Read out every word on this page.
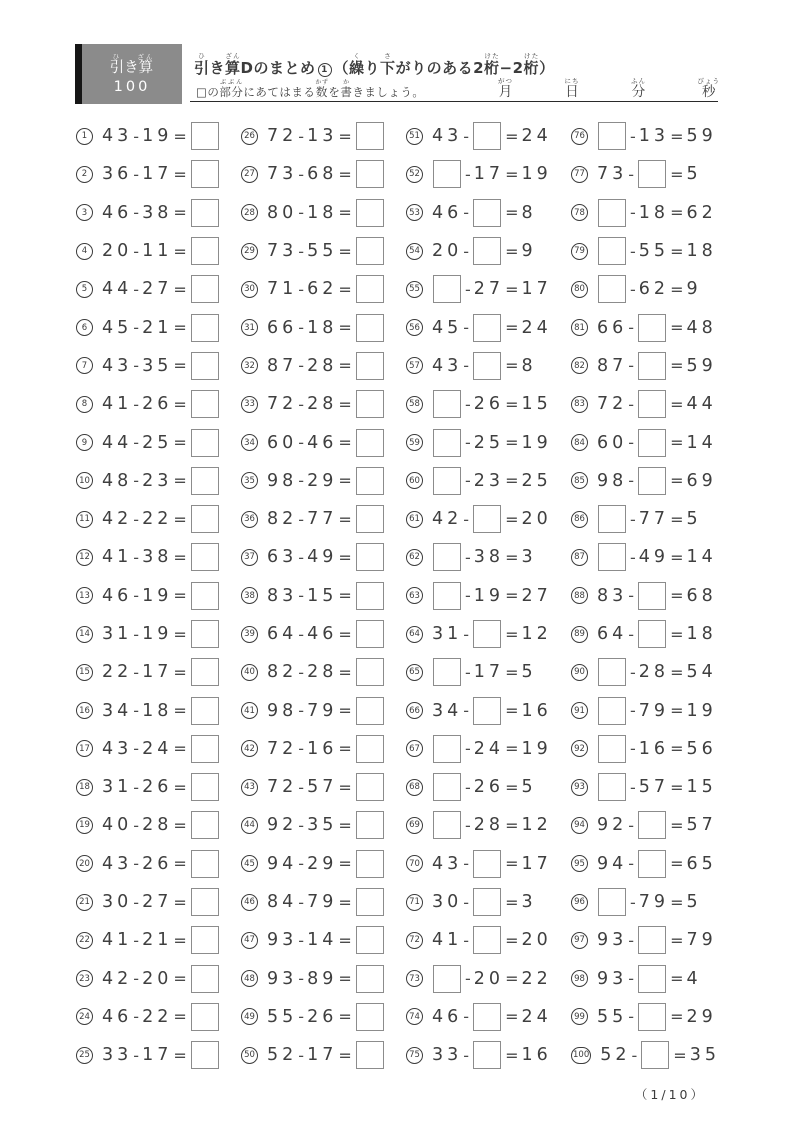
引ひき算ざん
100
引ひき算ざんDのまとめ 1 （繰くり下さがりのある2桁けた−2桁けた）
□の 部分ぶぶん
にあてはまる 数かず
を 書か
きましょう。	月がつ
日にち
分ふん
秒びょう
1 43 - 19 =
2 36 - 17 =
3 46 - 38 =
4 20 - 11 =
5 44 - 27 =
6 45 - 21 =
7 43 - 35 =
8 41 - 26 =
9 44 - 25 =
10 48 - 23 =
11 42 - 22 =
12 41 - 38 =
13 46 - 19 =
14 31 - 19 =
15 22 - 17 =
16 34 - 18 =
17 43 - 24 =
18 31 - 26 =
19 40 - 28 =
20 43 - 26 =
21 30 - 27 =
22 41 - 21 =
23 42 - 20 =
24 46 - 22 =
25 33 - 17 =
26 72 - 13 =
27 73 - 68 =
28 80 - 18 =
29 73 - 55 =
30 71 - 62 =
31 66 - 18 =
32 87 - 28 =
33 72 - 28 =
34 60 - 46 =
35 98 - 29 =
36 82 - 77 =
37 63 - 49 =
38 83 - 15 =
39 64 - 46 =
40 82 - 28 =
41 98 - 79 =
42 72 - 16 =
43 72 - 57 =
44 92 - 35 =
45 94 - 29 =
46 84 - 79 =
47 93 - 14 =
48 93 - 89 =
49 55 - 26 =
50 52 - 17 =
51 43 - = 24
52	- 17 = 19
53 46 - = 8
54 20 - = 9
55	- 27 = 17
56 45 - = 24
57 43 - = 8
58	- 26 = 15
59	- 25 = 19
60	- 23 = 25
61 42 - = 20
62	- 38 = 3
63	- 19 = 27
64 31 - = 12
65	- 17 = 5
66 34 - = 16
67	- 24 = 19
68	- 26 = 5
69	- 28 = 12
70 43 - = 17
71 30 - = 3
72 41 - = 20
73	- 20 = 22
74 46 - = 24
75 33 - = 16
76	- 13 = 59
77 73 - = 5
78	- 18 = 62
79	- 55 = 18
80	- 62 = 9
81 66 - = 48
82 87 - = 59
83 72 - = 44
84 60 - = 14
85 98 - = 69
86	- 77 = 5
87	- 49 = 14
88 83 - = 68
89 64 - = 18
90	- 28 = 54
91	- 79 = 19
92	- 16 = 56
93	- 57 = 15
94 92 - = 57
95 94 - = 65
96	- 79 = 5
97 93 - = 79
98 93 - = 4
99 55 - = 29
100 52 - = 35
（1/10）
